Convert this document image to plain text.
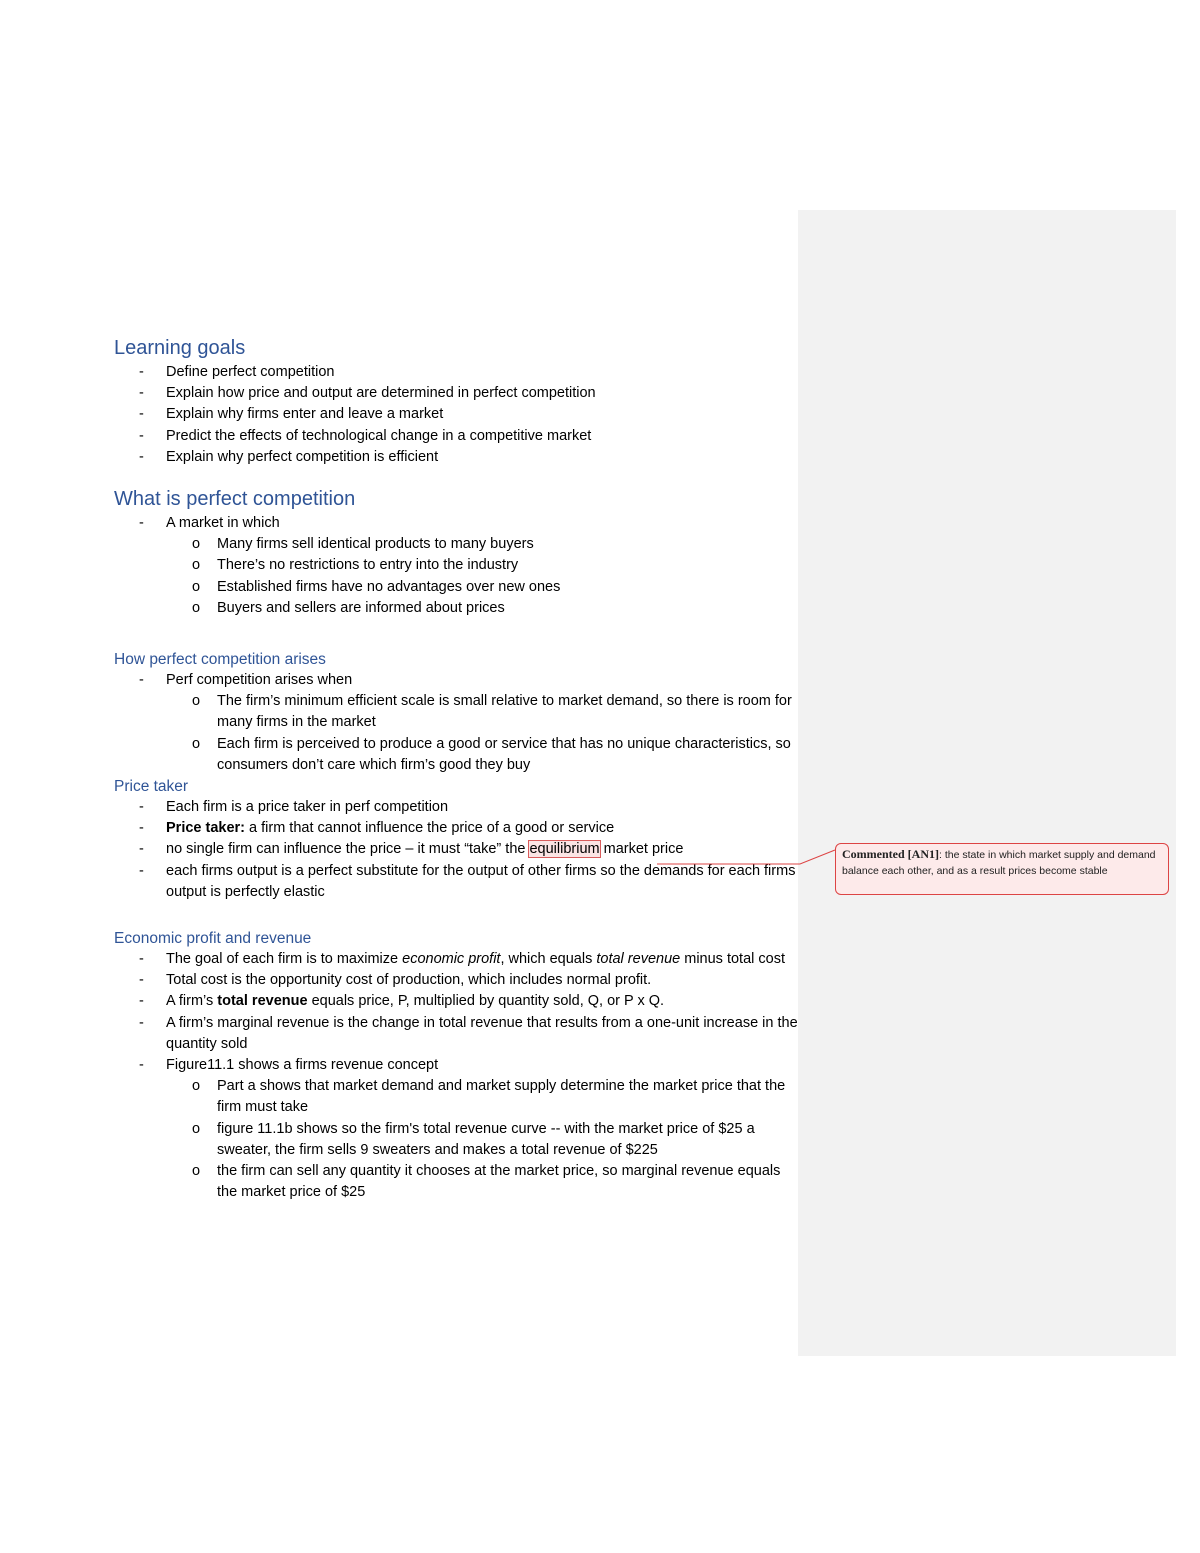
Learning goals
- Define perfect competition
- Explain how price and output are determined in perfect competition
- Explain why firms enter and leave a market
- Predict the effects of technological change in a competitive market
- Explain why perfect competition is efficient
What is perfect competition
- A market in which
o Many firms sell identical products to many buyers
o There’s no restrictions to entry into the industry
o Established firms have no advantages over new ones
o Buyers and sellers are informed about prices
How perfect competition arises
- Perf competition arises when
o The firm’s minimum efficient scale is small relative to market demand, so there is room for many firms in the market
o Each firm is perceived to produce a good or service that has no unique characteristics, so consumers don’t care which firm’s good they buy
Price taker
- Each firm is a price taker in perf competition
- Price taker: a firm that cannot influence the price of a good or service
- no single firm can influence the price – it must “take” the equilibrium market price
- each firms output is a perfect substitute for the output of other firms so the demands for each firms output is perfectly elastic
Economic profit and revenue
- The goal of each firm is to maximize economic profit, which equals total revenue minus total cost
- Total cost is the opportunity cost of production, which includes normal profit.
- A firm’s total revenue equals price, P, multiplied by quantity sold, Q, or P x Q.
- A firm’s marginal revenue is the change in total revenue that results from a one-unit increase in the quantity sold
- Figure11.1 shows a firms revenue concept
o Part a shows that market demand and market supply determine the market price that the firm must take
o figure 11.1b shows so the firm's total revenue curve -- with the market price of $25 a sweater, the firm sells 9 sweaters and makes a total revenue of $225
o the firm can sell any quantity it chooses at the market price, so marginal revenue equals the market price of $25
Commented [AN1]: the state in which market supply and demand balance each other, and as a result prices become stable
